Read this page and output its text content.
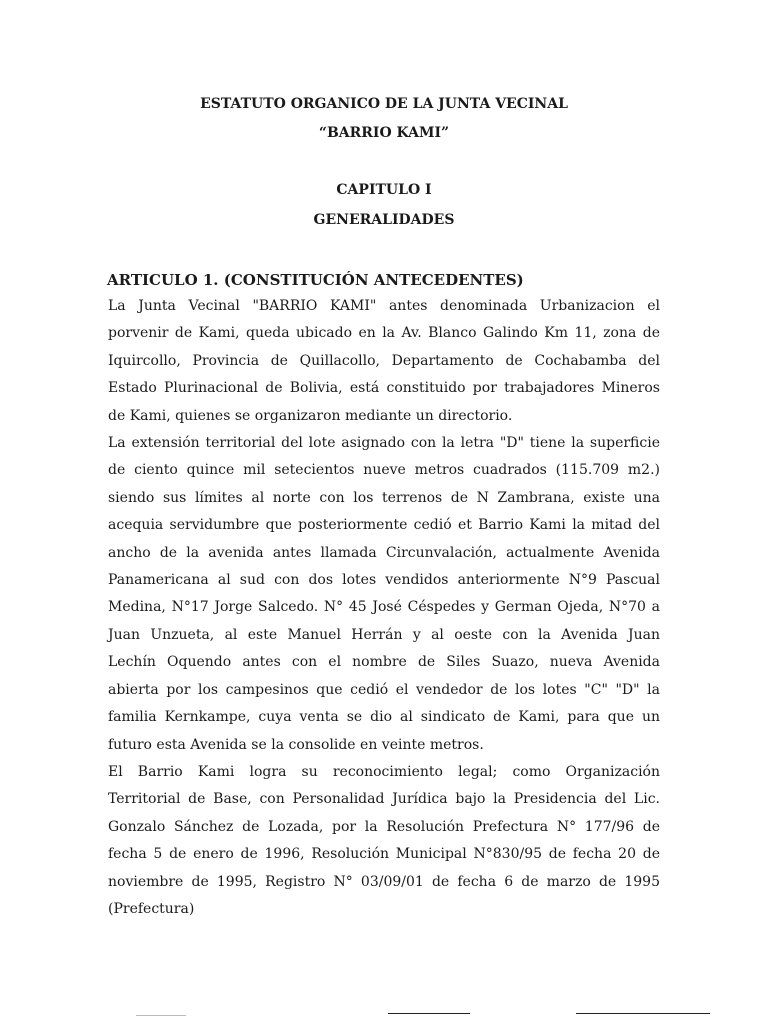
ESTATUTO ORGANICO DE LA JUNTA VECINAL

“BARRIO KAMI”

CAPITULO I

GENERALIDADES

ARTICULO 1. (CONSTITUCIÓN ANTECEDENTES)

La Junta Vecinal "BARRIO KAMI" antes denominada Urbanizacion el
porvenir de Kami, queda ubicado en la Av. Blanco Galindo Km 11, zona de
Iquircollo, Provincia de Quillacollo, Departamento de Cochabamba del
Estado Plurinacional de Bolivia, está constituido por trabajadores Mineros
de Kami, quienes se organizaron mediante un directorio.

La extensión territorial del lote asignado con la letra "D" tiene la superficie
de ciento quince mil setecientos nueve metros cuadrados (115.709 m2.)
siendo sus límites al norte con los terrenos de N Zambrana, existe una
acequia servidumbre que posteriormente cedió et Barrio Kami la mitad del
ancho de la avenida antes llamada Circunvalación, actualmente Avenida
Panamericana al sud con dos lotes vendidos anteriormente N°9 Pascual
Medina, N°17 Jorge Salcedo. N° 45 José Céspedes y German Ojeda, N°70 a
Juan Unzueta, al este Manuel Herrán y al oeste con la Avenida Juan
Lechín Oquendo antes con el nombre de Siles Suazo, nueva Avenida
abierta por los campesinos que cedió el vendedor de los lotes "C" "D" la
familia Kernkampe, cuya venta se dio al sindicato de Kami, para que un
futuro esta Avenida se la consolide en veinte metros.

El Barrio Kami logra su reconocimiento legal; como Organización
Territorial de Base, con Personalidad Jurídica bajo la Presidencia del Lic.
Gonzalo Sánchez de Lozada, por la Resolución Prefectura N° 177/96 de
fecha 5 de enero de 1996, Resolución Municipal N°830/95 de fecha 20 de
noviembre de 1995, Registro N° 03/09/01 de fecha 6 de marzo de 1995
(Prefectura)
